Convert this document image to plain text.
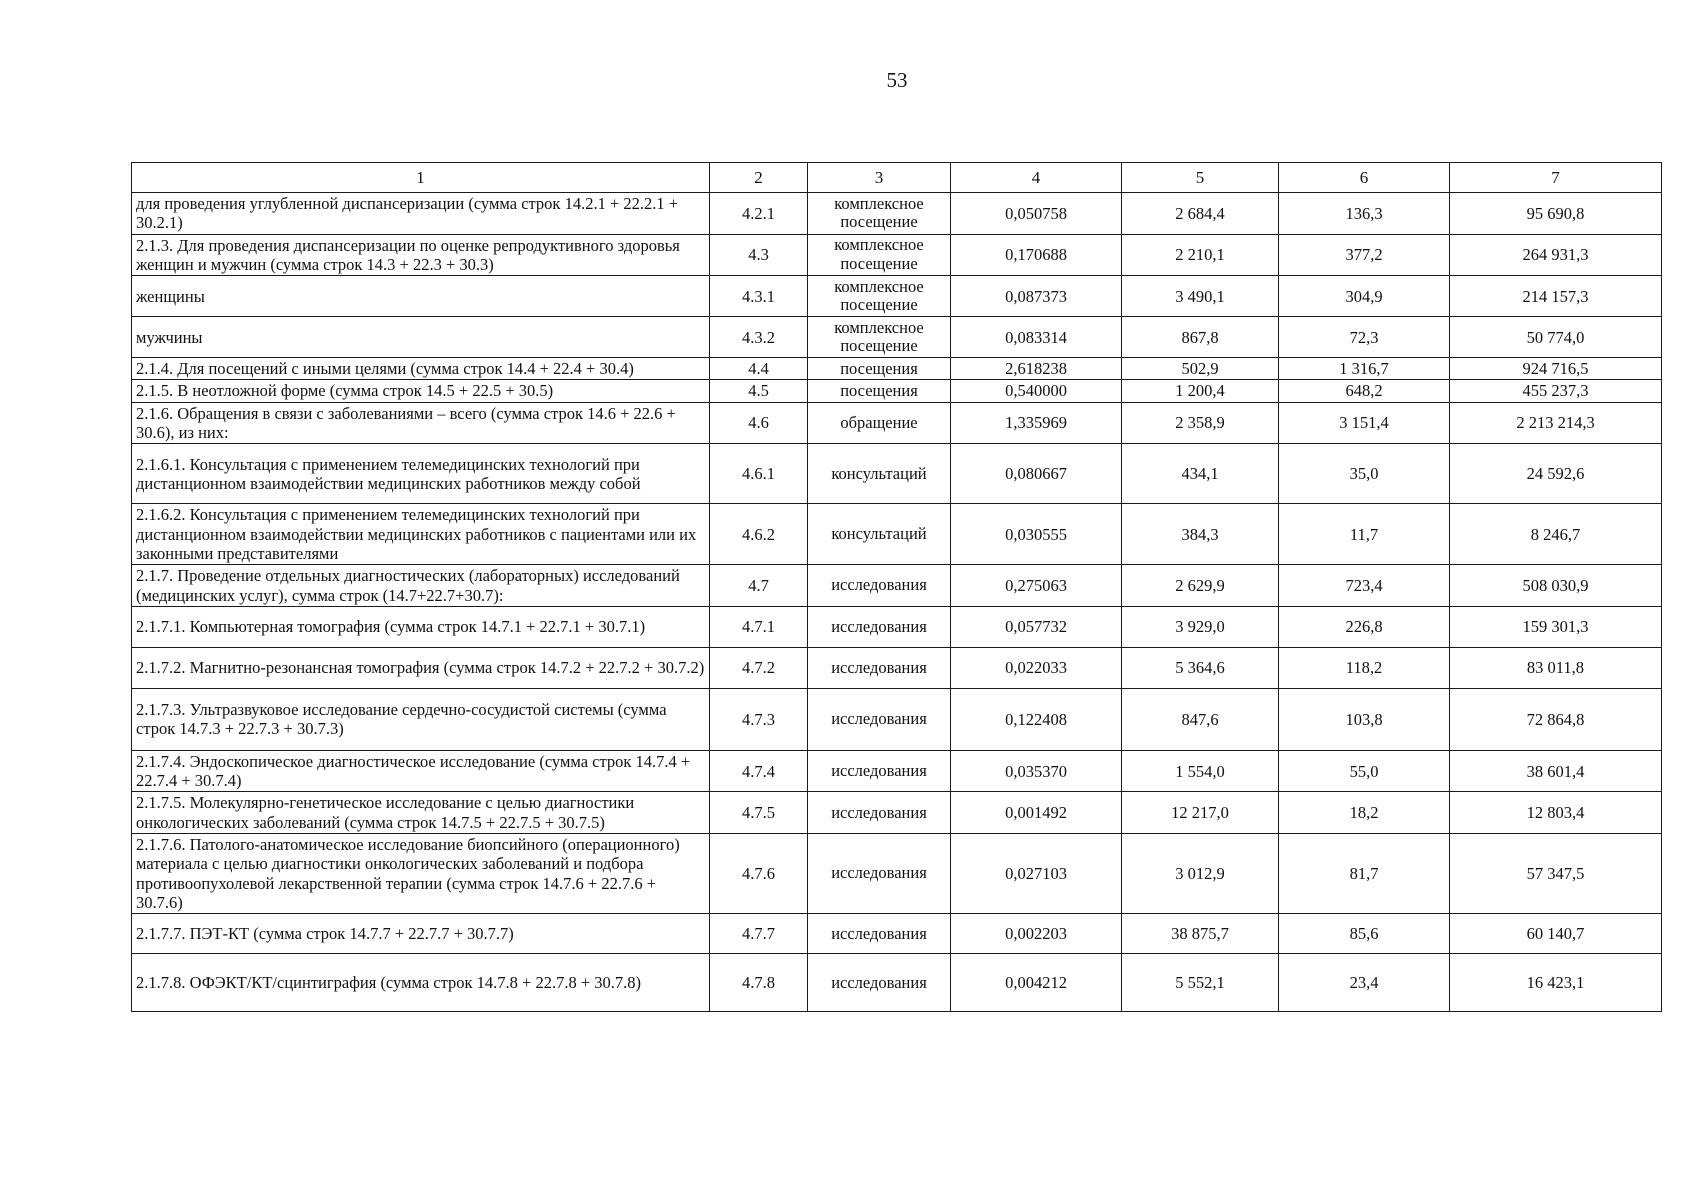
53
1	2	3	4	5	6	7
для проведения углубленной диспансеризации (сумма строк 14.2.1 + 22.2.1 + 30.2.1)	4.2.1	комплексное посещение	0,050758	2 684,4	136,3	95 690,8
2.1.3. Для проведения диспансеризации по оценке репродуктивного здоровья женщин и мужчин (сумма строк 14.3 + 22.3 + 30.3)	4.3	комплексное посещение	0,170688	2 210,1	377,2	264 931,3
женщины	4.3.1	комплексное посещение	0,087373	3 490,1	304,9	214 157,3
мужчины	4.3.2	комплексное посещение	0,083314	867,8	72,3	50 774,0
2.1.4. Для посещений с иными целями (сумма строк 14.4 + 22.4 + 30.4)	4.4	посещения	2,618238	502,9	1 316,7	924 716,5
2.1.5. В неотложной форме (сумма строк 14.5 + 22.5 + 30.5)	4.5	посещения	0,540000	1 200,4	648,2	455 237,3
2.1.6. Обращения в связи с заболеваниями – всего (сумма строк 14.6 + 22.6 + 30.6), из них:	4.6	обращение	1,335969	2 358,9	3 151,4	2 213 214,3
2.1.6.1. Консультация с применением телемедицинских технологий при дистанционном взаимодействии медицинских работников между собой	4.6.1	консультаций	0,080667	434,1	35,0	24 592,6
2.1.6.2. Консультация с применением телемедицинских технологий при дистанционном взаимодействии медицинских работников с пациентами или их законными представителями	4.6.2	консультаций	0,030555	384,3	11,7	8 246,7
2.1.7. Проведение отдельных диагностических (лабораторных) исследований (медицинских услуг), сумма строк (14.7+22.7+30.7):	4.7	исследования	0,275063	2 629,9	723,4	508 030,9
2.1.7.1. Компьютерная томография (сумма строк 14.7.1 + 22.7.1 + 30.7.1)	4.7.1	исследования	0,057732	3 929,0	226,8	159 301,3
2.1.7.2. Магнитно-резонансная томография (сумма строк 14.7.2 + 22.7.2 + 30.7.2)	4.7.2	исследования	0,022033	5 364,6	118,2	83 011,8
2.1.7.3. Ультразвуковое исследование сердечно-сосудистой системы (сумма строк 14.7.3 + 22.7.3 + 30.7.3)	4.7.3	исследования	0,122408	847,6	103,8	72 864,8
2.1.7.4. Эндоскопическое диагностическое исследование (сумма строк 14.7.4 + 22.7.4 + 30.7.4)	4.7.4	исследования	0,035370	1 554,0	55,0	38 601,4
2.1.7.5. Молекулярно-генетическое исследование с целью диагностики онкологических заболеваний (сумма строк 14.7.5 + 22.7.5 + 30.7.5)	4.7.5	исследования	0,001492	12 217,0	18,2	12 803,4
2.1.7.6. Патолого-анатомическое исследование биопсийного (операционного) материала с целью диагностики онкологических заболеваний и подбора противоопухолевой лекарственной терапии (сумма строк 14.7.6 + 22.7.6 + 30.7.6)	4.7.6	исследования	0,027103	3 012,9	81,7	57 347,5
2.1.7.7. ПЭТ-КТ (сумма строк 14.7.7 + 22.7.7 + 30.7.7)	4.7.7	исследования	0,002203	38 875,7	85,6	60 140,7
2.1.7.8. ОФЭКТ/КТ/сцинтиграфия (сумма строк 14.7.8 + 22.7.8 + 30.7.8)	4.7.8	исследования	0,004212	5 552,1	23,4	16 423,1
